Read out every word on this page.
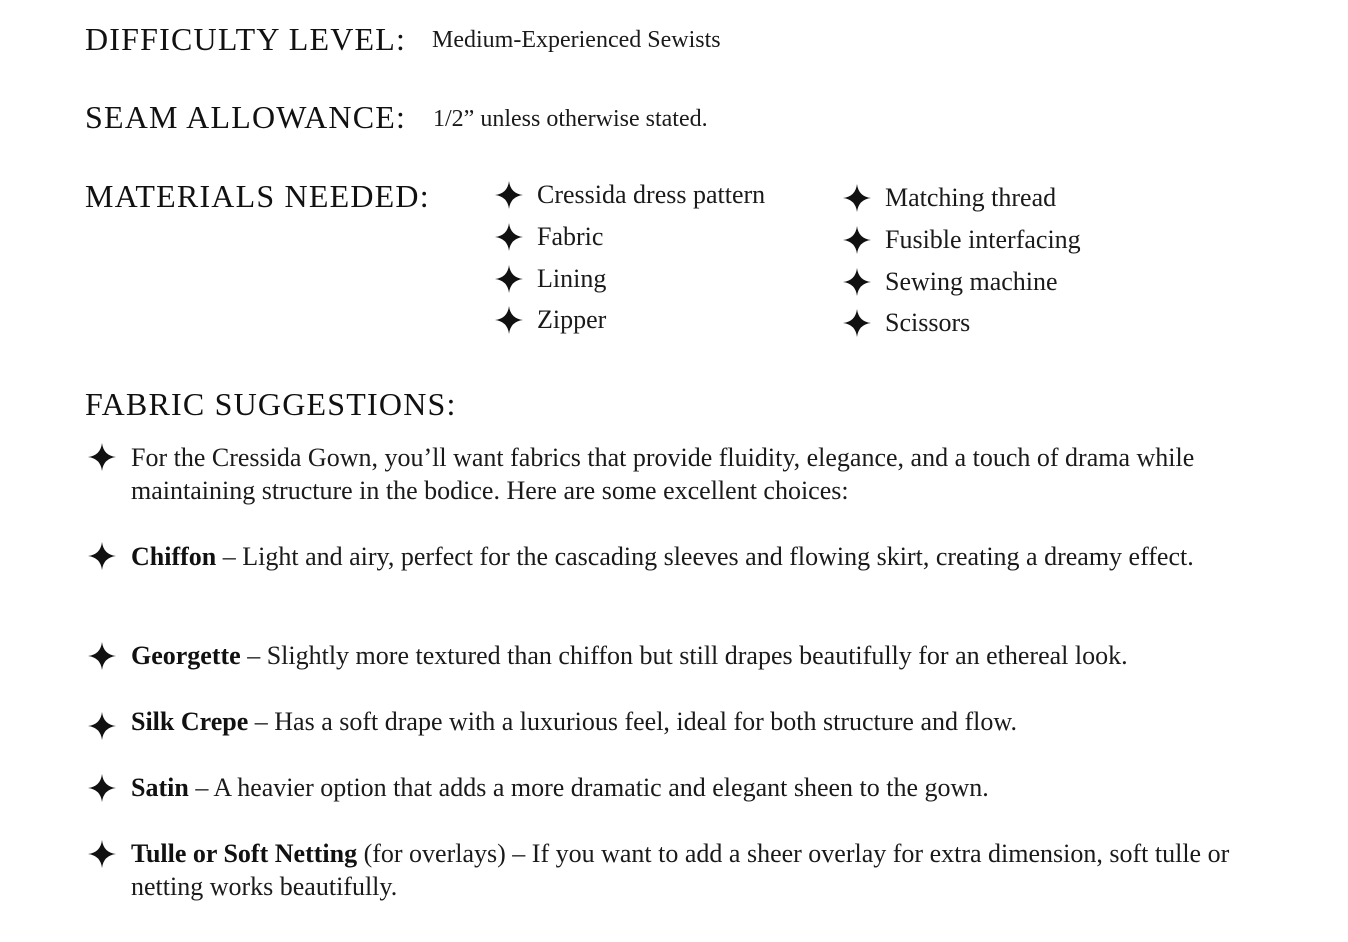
DIFFICULTY LEVEL: Medium-Experienced Sewists
SEAM ALLOWANCE: 1/2” unless otherwise stated.
MATERIALS NEEDED:	Cressida dress pattern
Fabric
Lining
Zipper
Matching thread
Fusible interfacing
Sewing machine
Scissors
FABRIC SUGGESTIONS:
For the Cressida Gown, you’ll want fabrics that provide fluidity, elegance, and a touch of drama while maintaining structure in the bodice. Here are some excellent choices:
Chiffon – Light and airy, perfect for the cascading sleeves and flowing skirt, creating a dreamy effect.
Georgette – Slightly more textured than chiffon but still drapes beautifully for an ethereal look.
Silk Crepe – Has a soft drape with a luxurious feel, ideal for both structure and flow.
Satin – A heavier option that adds a more dramatic and elegant sheen to the gown.
Tulle or Soft Netting (for overlays) – If you want to add a sheer overlay for extra dimension, soft tulle or netting works beautifully.
